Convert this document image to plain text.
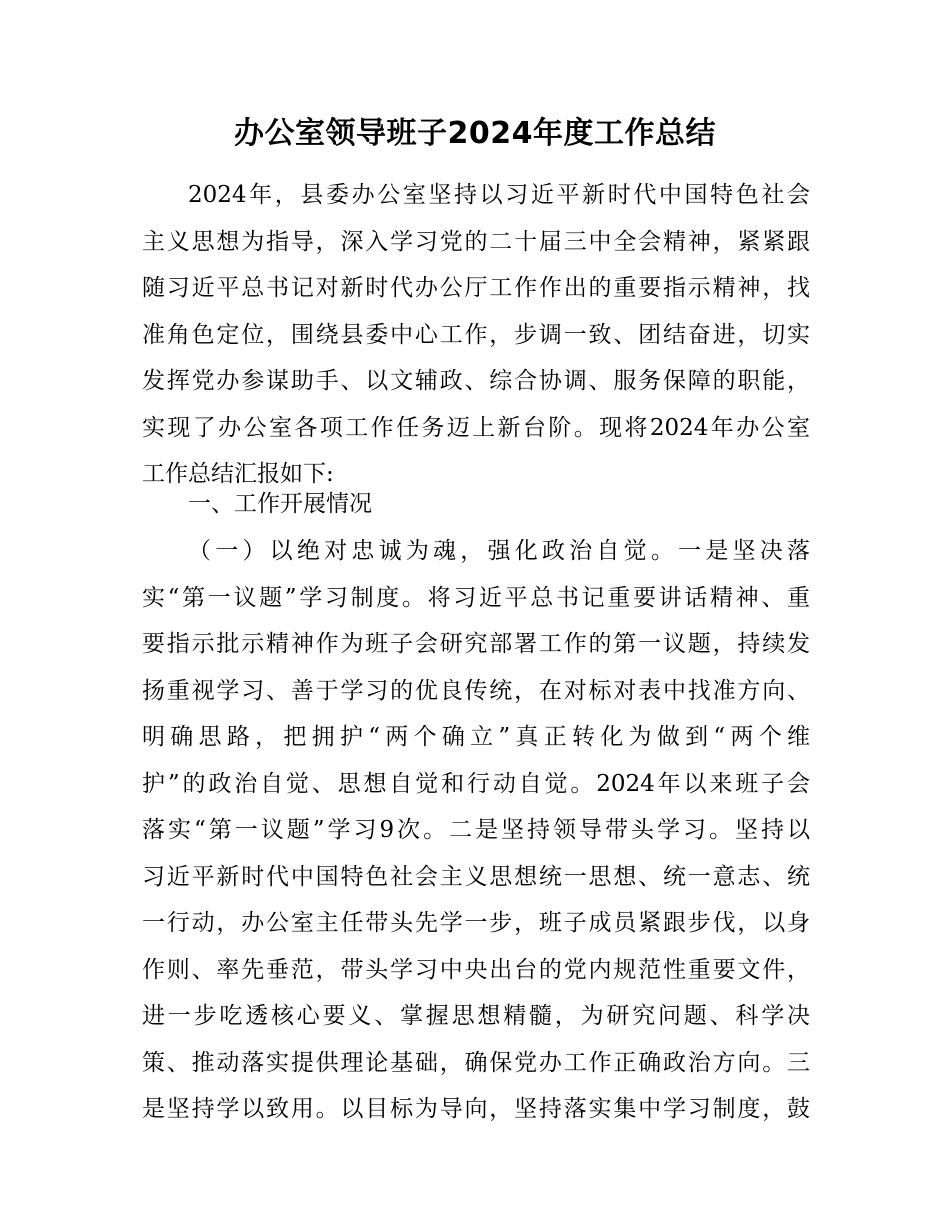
办公室领导班子2024年度工作总结
2024年，县委办公室坚持以习近平新时代中国特色社会
主义思想为指导，深入学习党的二十届三中全会精神，紧紧跟
随习近平总书记对新时代办公厅工作作出的重要指示精神，找
准角色定位，围绕县委中心工作，步调一致、团结奋进，切实
发挥党办参谋助手、以文辅政、综合协调、服务保障的职能，
实现了办公室各项工作任务迈上新台阶。现将2024年办公室
工作总结汇报如下:
一、工作开展情况
（一）以绝对忠诚为魂，强化政治自觉。一是坚决落
实“第一议题”学习制度。将习近平总书记重要讲话精神、重
要指示批示精神作为班子会研究部署工作的第一议题，持续发
扬重视学习、善于学习的优良传统，在对标对表中找准方向、
明确思路，把拥护“两个确立”真正转化为做到“两个维
护”的政治自觉、思想自觉和行动自觉。2024年以来班子会
落实“第一议题”学习9次。二是坚持领导带头学习。坚持以
习近平新时代中国特色社会主义思想统一思想、统一意志、统
一行动，办公室主任带头先学一步，班子成员紧跟步伐，以身
作则、率先垂范，带头学习中央出台的党内规范性重要文件，
进一步吃透核心要义、掌握思想精髓，为研究问题、科学决
策、推动落实提供理论基础，确保党办工作正确政治方向。三
是坚持学以致用。以目标为导向，坚持落实集中学习制度，鼓
